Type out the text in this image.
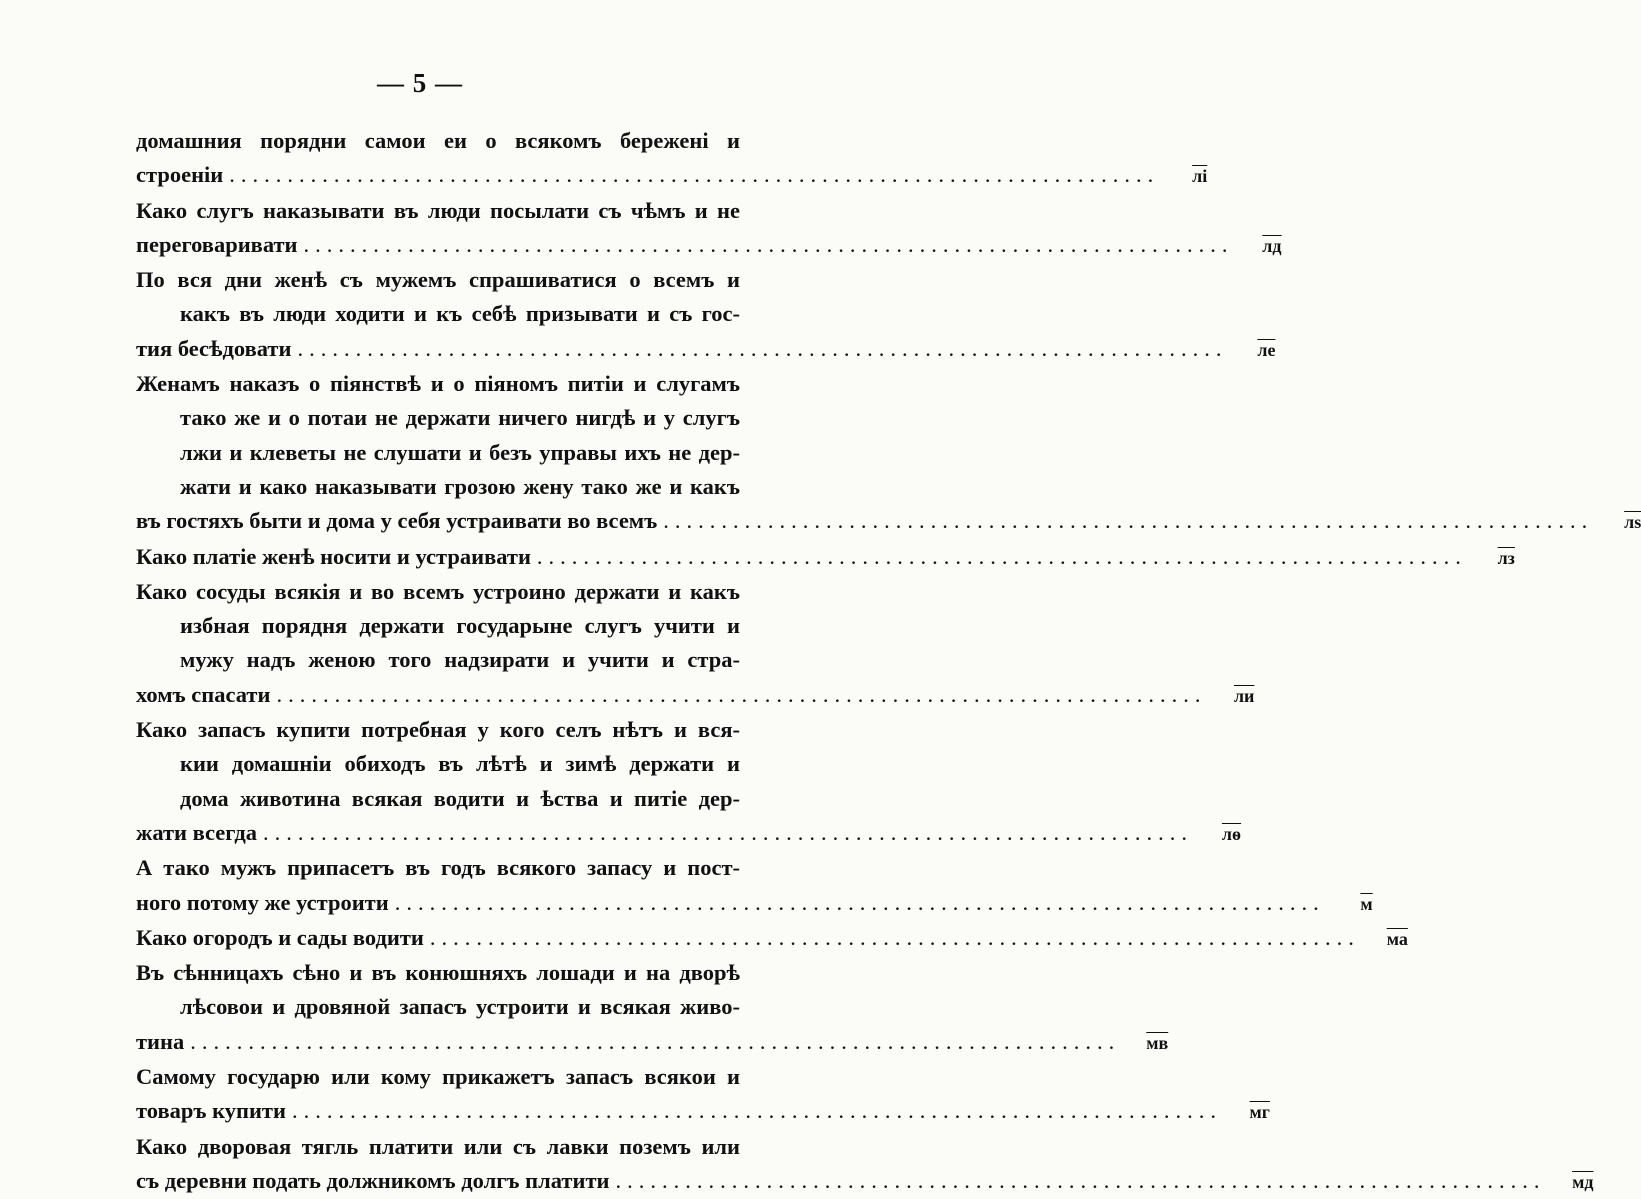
— 5 —
домашния порядни самои еи о всякомъ бережені и
строеніи ................................................................................	лі
Како слугъ наказывати въ люди посылати съ чѣмъ и не
переговаривати ................................................................................	лд
По вся дни женѣ съ мужемъ спрашиватися о всемъ и
какъ въ люди ходити и къ себѣ призывати и съ гос-
тия бесѣдовати ................................................................................	ле
Женамъ наказъ о піянствѣ и о піяномъ питіи и слугамъ
тако же и о потаи не держати ничего нигдѣ и у слугъ
лжи и клеветы не слушати и безъ управы ихъ не дер-
жати и како наказывати грозою жену тако же и какъ
въ гостяхъ быти и дома у себя устраивати во всемъ ................................................................................	лѕ
Како платіе женѣ носити и устраивати ................................................................................	лз
Како сосуды всякія и во всемъ устроино держати и какъ
избная порядня держати государыне слугъ учити и
мужу надъ женою того надзирати и учити и стра-
хомъ спасати ................................................................................	ли
Како запасъ купити потребная у кого селъ нѣтъ и вся-
кии домашніи обиходъ въ лѣтѣ и зимѣ держати и
дома животина всякая водити и ѣства и питіе дер-
жати всегда ................................................................................	лѳ
А тако мужъ припасетъ въ годъ всякого запасу и пост-
ного потому же устроити ................................................................................	м
Како огородъ и сады водити ................................................................................	ма
Въ сѣнницахъ сѣно и въ конюшняхъ лошади и на дворѣ
лѣсовои и дровяной запасъ устроити и всякая живо-
тина ................................................................................	мв
Самому государю или кому прикажетъ запасъ всякои и
товаръ купити ................................................................................	мг
Како дворовая тягль платити или съ лавки поземъ или
съ деревни подать должникомъ долгъ платити ................................................................................	мд
